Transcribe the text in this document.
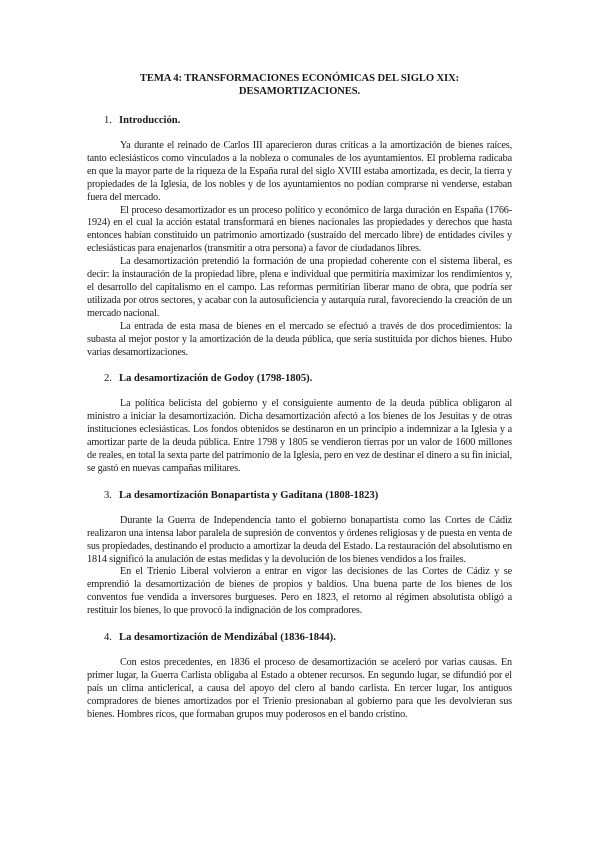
TEMA 4: TRANSFORMACIONES ECONÓMICAS DEL SIGLO XIX:
DESAMORTIZACIONES.
1. Introducción.

Ya durante el reinado de Carlos III aparecieron duras críticas a la amortización de bienes raíces, tanto eclesiásticos como vinculados a la nobleza o comunales de los ayuntamientos. El problema radicaba en que la mayor parte de la riqueza de la España rural del siglo XVIII estaba amortizada, es decir, la tierra y propiedades de la Iglesia, de los nobles y de los ayuntamientos no podían comprarse ni venderse, estaban fuera del mercado.

El proceso desamortizador es un proceso político y económico de larga duración en España (1766-1924) en el cual la acción estatal transformará en bienes nacionales las propiedades y derechos que hasta entonces habían constituido un patrimonio amortizado (sustraído del mercado libre) de entidades civiles y eclesiásticas para enajenarlos (transmitir a otra persona) a favor de ciudadanos libres.

La desamortización pretendió la formación de una propiedad coherente con el sistema liberal, es decir: la instauración de la propiedad libre, plena e individual que permitiría maximizar los rendimientos y, el desarrollo del capitalismo en el campo. Las reformas permitirían liberar mano de obra, que podría ser utilizada por otros sectores, y acabar con la autosuficiencia y autarquía rural, favoreciendo la creación de un mercado nacional.

La entrada de esta masa de bienes en el mercado se efectuó a través de dos procedimientos: la subasta al mejor postor y la amortización de la deuda pública, que sería sustituida por dichos bienes. Hubo varias desamortizaciones.

2. La desamortización de Godoy (1798-1805).

La política belicista del gobierno y el consiguiente aumento de la deuda pública obligaron al ministro a iniciar la desamortización. Dicha desamortización afectó a los bienes de los Jesuitas y de otras instituciones eclesiásticas. Los fondos obtenidos se destinaron en un principio a indemnizar a la Iglesia y a amortizar parte de la deuda pública. Entre 1798 y 1805 se vendieron tierras por un valor de 1600 millones de reales, en total la sexta parte del patrimonio de la Iglesia, pero en vez de destinar el dinero a su fin inicial, se gastó en nuevas campañas militares.

3. La desamortización Bonapartista y Gaditana (1808-1823)

Durante la Guerra de Independencia tanto el gobierno bonapartista como las Cortes de Cádiz realizaron una intensa labor paralela de supresión de conventos y órdenes religiosas y de puesta en venta de sus propiedades, destinando el producto a amortizar la deuda del Estado. La restauración del absolutismo en 1814 significó la anulación de estas medidas y la devolución de los bienes vendidos a los frailes.

En el Trienio Liberal volvieron a entrar en vigor las decisiones de las Cortes de Cádiz y se emprendió la desamortización de bienes de propios y baldíos. Una buena parte de los bienes de los conventos fue vendida a inversores burgueses. Pero en 1823, el retorno al régimen absolutista obligó a restituir los bienes, lo que provocó la indignación de los compradores.

4. La desamortización de Mendizábal (1836-1844).

Con estos precedentes, en 1836 el proceso de desamortización se aceleró por varias causas. En primer lugar, la Guerra Carlista obligaba al Estado a obtener recursos. En segundo lugar, se difundió por el país un clima anticlerical, a causa del apoyo del clero al bando carlista. En tercer lugar, los antiguos compradores de bienes amortizados por el Trienio presionaban al gobierno para que les devolvieran sus bienes. Hombres ricos, que formaban grupos muy poderosos en el bando cristino.
